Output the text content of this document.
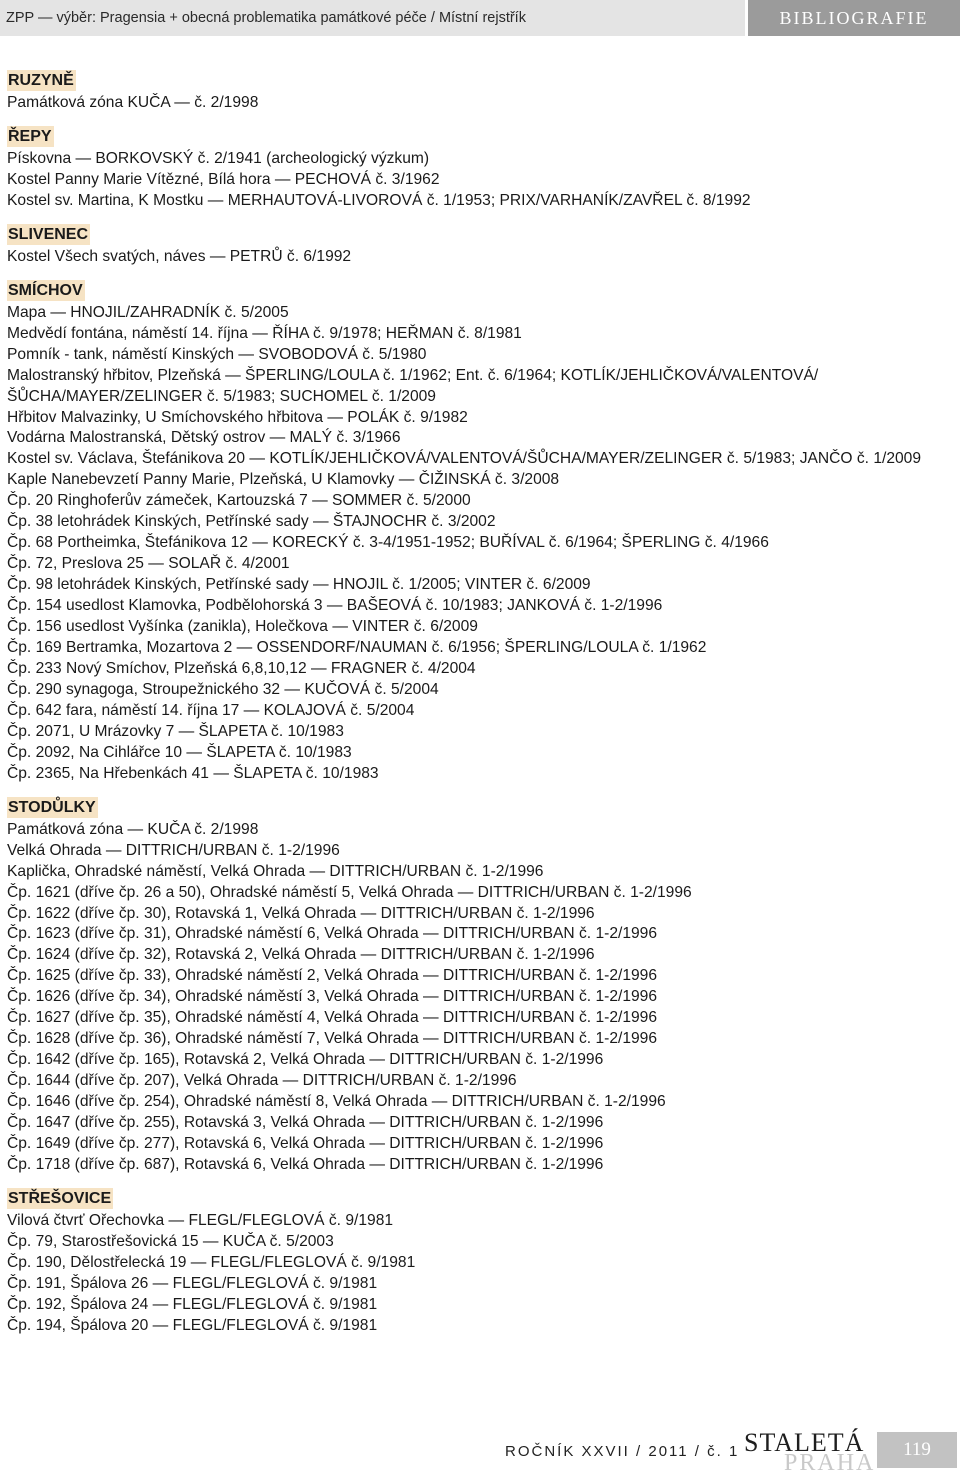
ZPP — výběr: Pragensia + obecná problematika památkové péče / Místní rejstřík	BIBLIOGRAFIE
RUZYNĚ
Památková zóna KUČA — č. 2/1998
ŘEPY
Pískovna — BORKOVSKÝ č. 2/1941 (archeologický výzkum)
Kostel Panny Marie Vítězné, Bílá hora — PECHOVÁ č. 3/1962
Kostel sv. Martina, K Mostku — MERHAUTOVÁ-LIVOROVÁ č. 1/1953; PRIX/VARHANÍK/ZAVŘEL č. 8/1992
SLIVENEC
Kostel Všech svatých, náves — PETRŮ č. 6/1992
SMÍCHOV
Mapa — HNOJIL/ZAHRADNÍK č. 5/2005
Medvědí fontána, náměstí 14. října — ŘÍHA č. 9/1978; HEŘMAN č. 8/1981
Pomník - tank, náměstí Kinských — SVOBODOVÁ č. 5/1980
Malostranský hřbitov, Plzeňská — ŠPERLING/LOULA č. 1/1962; Ent. č. 6/1964; KOTLÍK/JEHLIČKOVÁ/VALENTOVÁ/ŠŮCHA/MAYER/ZELINGER č. 5/1983; SUCHOMEL č. 1/2009
Hřbitov Malvazinky, U Smíchovského hřbitova — POLÁK č. 9/1982
Vodárna Malostranská, Dětský ostrov — MALÝ č. 3/1966
Kostel sv. Václava, Štefánikova 20 — KOTLÍK/JEHLIČKOVÁ/VALENTOVÁ/ŠŮCHA/MAYER/ZELINGER č. 5/1983; JANČO č. 1/2009
Kaple Nanebevzetí Panny Marie, Plzeňská, U Klamovky — ČIŽINSKÁ č. 3/2008
Čp. 20 Ringhoferův zámeček, Kartouzská 7 — SOMMER č. 5/2000
Čp. 38 letohrádek Kinských, Petřínské sady — ŠTAJNOCHR č. 3/2002
Čp. 68 Portheimka, Štefánikova 12 — KORECKÝ č. 3-4/1951-1952; BUŘÍVAL č. 6/1964; ŠPERLING č. 4/1966
Čp. 72, Preslova 25 — SOLAŘ č. 4/2001
Čp. 98 letohrádek Kinských, Petřínské sady — HNOJIL č. 1/2005; VINTER č. 6/2009
Čp. 154 usedlost Klamovka, Podbělohorská 3 — BAŠEOVÁ č. 10/1983; JANKOVÁ č. 1-2/1996
Čp. 156 usedlost Vyšínka (zanikla), Holečkova — VINTER č. 6/2009
Čp. 169 Bertramka, Mozartova 2 — OSSENDORF/NAUMAN č. 6/1956; ŠPERLING/LOULA č. 1/1962
Čp. 233 Nový Smíchov, Plzeňská 6,8,10,12 — FRAGNER č. 4/2004
Čp. 290 synagoga, Stroupežnického 32 — KUČOVÁ č. 5/2004
Čp. 642 fara, náměstí 14. října 17 — KOLAJOVÁ č. 5/2004
Čp. 2071, U Mrázovky 7 — ŠLAPETA č. 10/1983
Čp. 2092, Na Cihlářce 10 — ŠLAPETA č. 10/1983
Čp. 2365, Na Hřebenkách 41 — ŠLAPETA č. 10/1983
STODŮLKY
Památková zóna — KUČA č. 2/1998
Velká Ohrada — DITTRICH/URBAN č. 1-2/1996
Kaplička, Ohradské náměstí, Velká Ohrada — DITTRICH/URBAN č. 1-2/1996
Čp. 1621 (dříve čp. 26 a 50), Ohradské náměstí 5, Velká Ohrada — DITTRICH/URBAN č. 1-2/1996
Čp. 1622 (dříve čp. 30), Rotavská 1, Velká Ohrada — DITTRICH/URBAN č. 1-2/1996
Čp. 1623 (dříve čp. 31), Ohradské náměstí 6, Velká Ohrada — DITTRICH/URBAN č. 1-2/1996
Čp. 1624 (dříve čp. 32), Rotavská 2, Velká Ohrada — DITTRICH/URBAN č. 1-2/1996
Čp. 1625 (dříve čp. 33), Ohradské náměstí 2, Velká Ohrada — DITTRICH/URBAN č. 1-2/1996
Čp. 1626 (dříve čp. 34), Ohradské náměstí 3, Velká Ohrada — DITTRICH/URBAN č. 1-2/1996
Čp. 1627 (dříve čp. 35), Ohradské náměstí 4, Velká Ohrada — DITTRICH/URBAN č. 1-2/1996
Čp. 1628 (dříve čp. 36), Ohradské náměstí 7, Velká Ohrada — DITTRICH/URBAN č. 1-2/1996
Čp. 1642 (dříve čp. 165), Rotavská 2, Velká Ohrada — DITTRICH/URBAN č. 1-2/1996
Čp. 1644 (dříve čp. 207), Velká Ohrada — DITTRICH/URBAN č. 1-2/1996
Čp. 1646 (dříve čp. 254), Ohradské náměstí 8, Velká Ohrada — DITTRICH/URBAN č. 1-2/1996
Čp. 1647 (dříve čp. 255), Rotavská 3, Velká Ohrada — DITTRICH/URBAN č. 1-2/1996
Čp. 1649 (dříve čp. 277), Rotavská 6, Velká Ohrada — DITTRICH/URBAN č. 1-2/1996
Čp. 1718 (dříve čp. 687), Rotavská 6, Velká Ohrada — DITTRICH/URBAN č. 1-2/1996
STŘEŠOVICE
Vilová čtvrť Ořechovka — FLEGL/FLEGLOVÁ č. 9/1981
Čp. 79, Starostřešovická 15 — KUČA č. 5/2003
Čp. 190, Dělostřelecká 19 — FLEGL/FLEGLOVÁ č. 9/1981
Čp. 191, Špálova 26 — FLEGL/FLEGLOVÁ č. 9/1981
Čp. 192, Špálova 24 — FLEGL/FLEGLOVÁ č. 9/1981
Čp. 194, Špálova 20 — FLEGL/FLEGLOVÁ č. 9/1981
ROČNÍK XXVII / 2011 / č. 1 STALETÁ
PRAHA
119
